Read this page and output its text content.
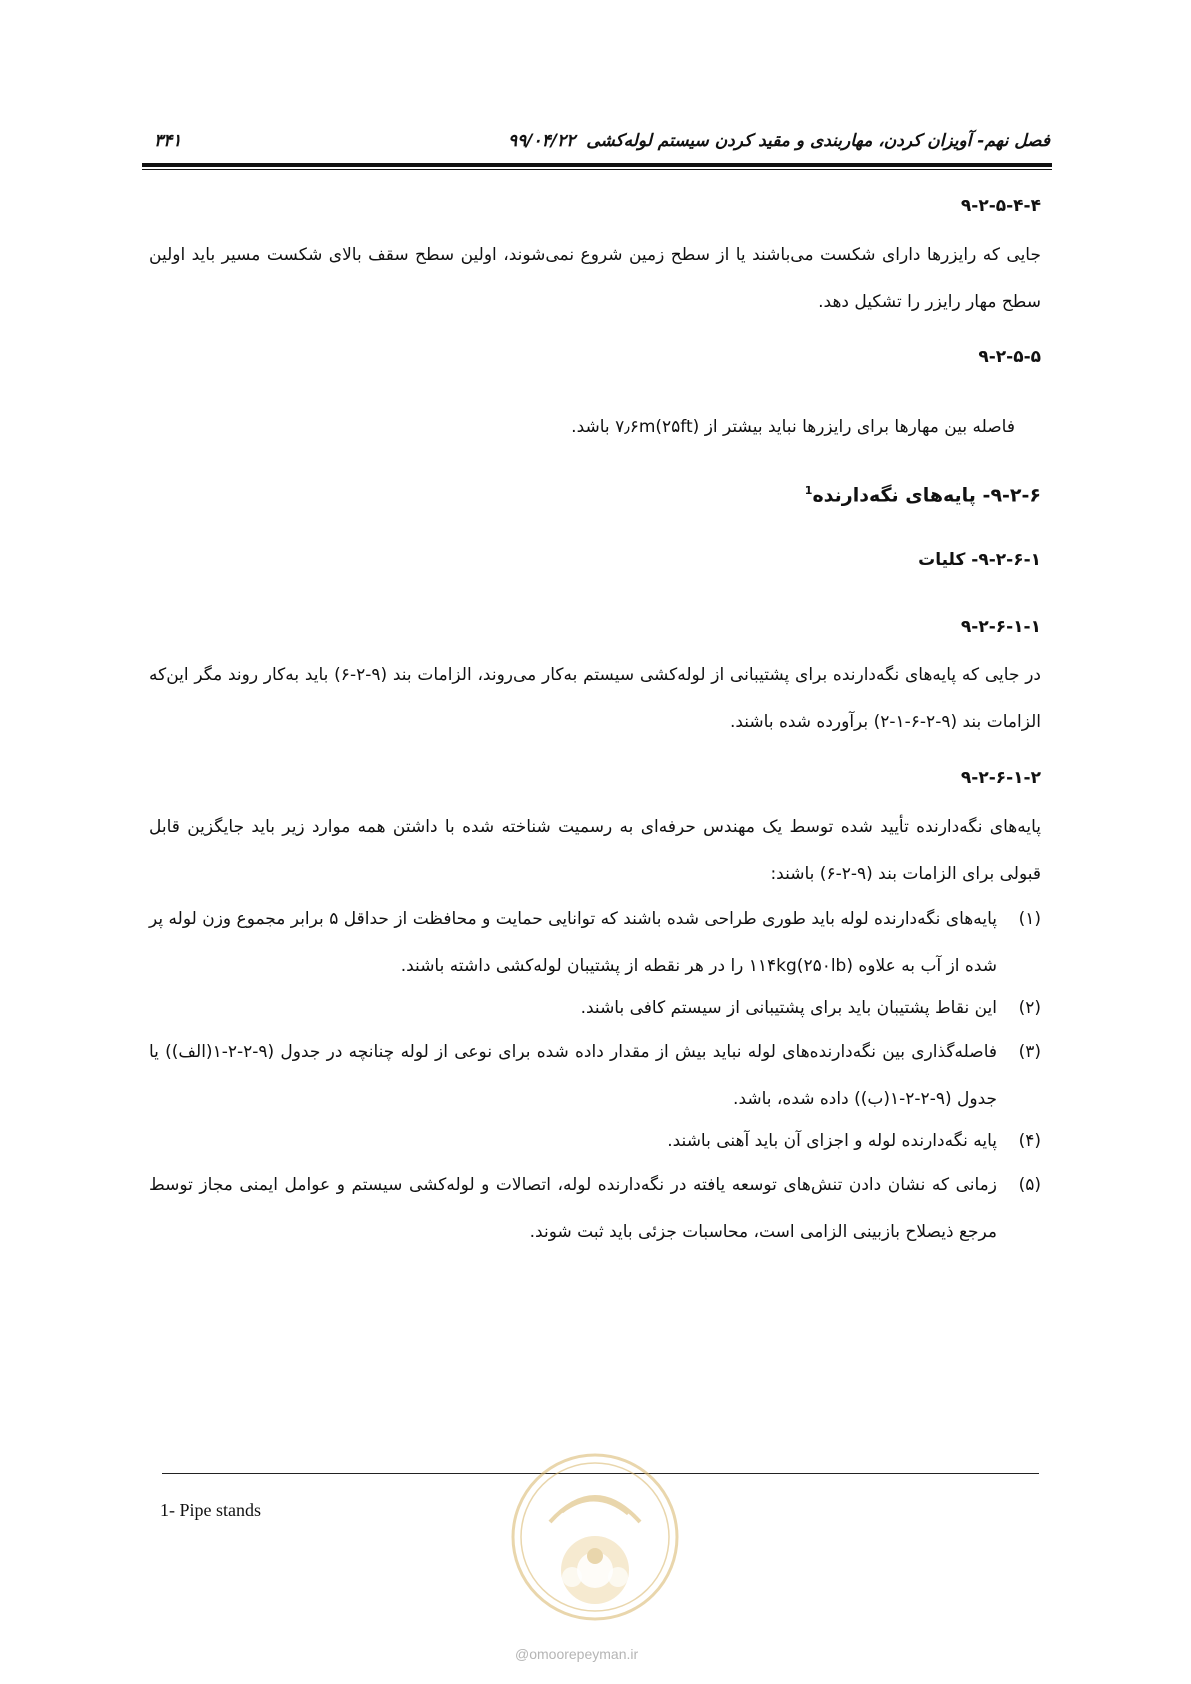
فصل نهم- آویزان کردن، مهاربندی و مقید کردن سیستم لوله‌کشی
۹۹/۰۴/۲۲
۳۴۱
۹-۲-۵-۴-۴
جایی که رایزرها دارای شکست می‌باشند یا از سطح زمین شروع نمی‌شوند، اولین سطح سقف بالای شکست مسیر باید اولین سطح مهار رایزر را تشکیل دهد.
۹-۲-۵-۵
فاصله بین مهارها برای رایزرها نباید بیشتر از ۷٫۶m(۲۵ft) باشد.
۹-۲-۶- پایه‌های نگه‌دارنده$^1$
۹-۲-۶-۱- کلیات
۹-۲-۶-۱-۱
در جایی که پایه‌های نگه‌دارنده برای پشتیبانی از لوله‌کشی سیستم به‌کار می‌روند، الزامات بند (۹-۲-۶) باید به‌کار روند مگر این‌که الزامات بند (۹-۲-۶-۱-۲) برآورده شده باشند.
۹-۲-۶-۱-۲
پایه‌های نگه‌دارنده تأیید شده توسط یک مهندس حرفه‌ای به رسمیت شناخته شده با داشتن همه موارد زیر باید جایگزین قابل قبولی برای الزامات بند (۹-۲-۶) باشند:
(۱)
پایه‌های نگه‌دارنده لوله باید طوری طراحی شده باشند که توانایی حمایت و محافظت از حداقل ۵ برابر مجموع وزن لوله پر شده از آب به علاوه ۱۱۴kg(۲۵۰lb) را در هر نقطه از پشتیبان لوله‌کشی داشته باشند.
(۲)
این نقاط پشتیبان باید برای پشتیبانی از سیستم کافی باشند.
(۳)
فاصله‌گذاری بین نگه‌دارنده‌های لوله نباید بیش از مقدار داده شده برای نوعی از لوله چنانچه در جدول (۹-۲-۲-۱(الف)) یا جدول (۹-۲-۲-۱(ب)) داده شده، باشد.
(۴)
پایه نگه‌دارنده لوله و اجزای آن باید آهنی باشند.
(۵)
زمانی که نشان دادن تنش‌های توسعه یافته در نگه‌دارنده لوله، اتصالات و لوله‌کشی سیستم و عوامل ایمنی مجاز توسط مرجع ذیصلاح بازبینی الزامی است، محاسبات جزئی باید ثبت شوند.
1- Pipe stands
@omoorepeyman.ir
